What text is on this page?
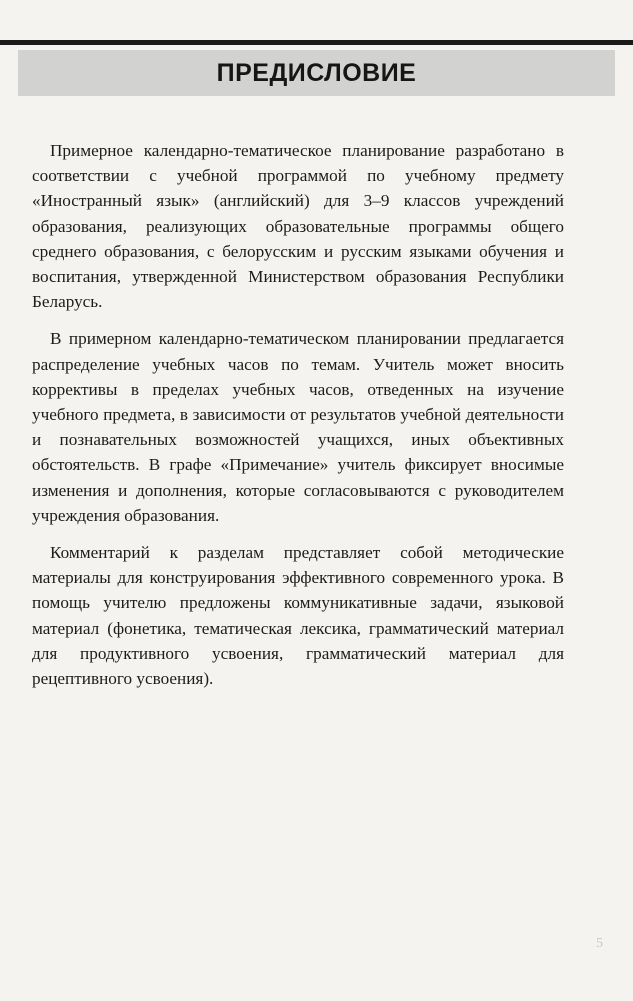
ПРЕДИСЛОВИЕ

Примерное календарно-тематическое планирование разработано в соответствии с учебной программой по учебному предмету «Иностранный язык» (английский) для 3–9 классов учреждений образования, реализующих образовательные программы общего среднего образования, с белорусским и русским языками обучения и воспитания, утвержденной Министерством образования Республики Беларусь.

В примерном календарно-тематическом планировании предлагается распределение учебных часов по темам. Учитель может вносить коррективы в пределах учебных часов, отведенных на изучение учебного предмета, в зависимости от результатов учебной деятельности и познавательных возможностей учащихся, иных объективных обстоятельств. В графе «Примечание» учитель фиксирует вносимые изменения и дополнения, которые согласовываются с руководителем учреждения образования.

Комментарий к разделам представляет собой методические материалы для конструирования эффективного современного урока. В помощь учителю предложены коммуникативные задачи, языковой материал (фонетика, тематическая лексика, грамматический материал для продуктивного усвоения, грамматический материал для рецептивного усвоения).

5
